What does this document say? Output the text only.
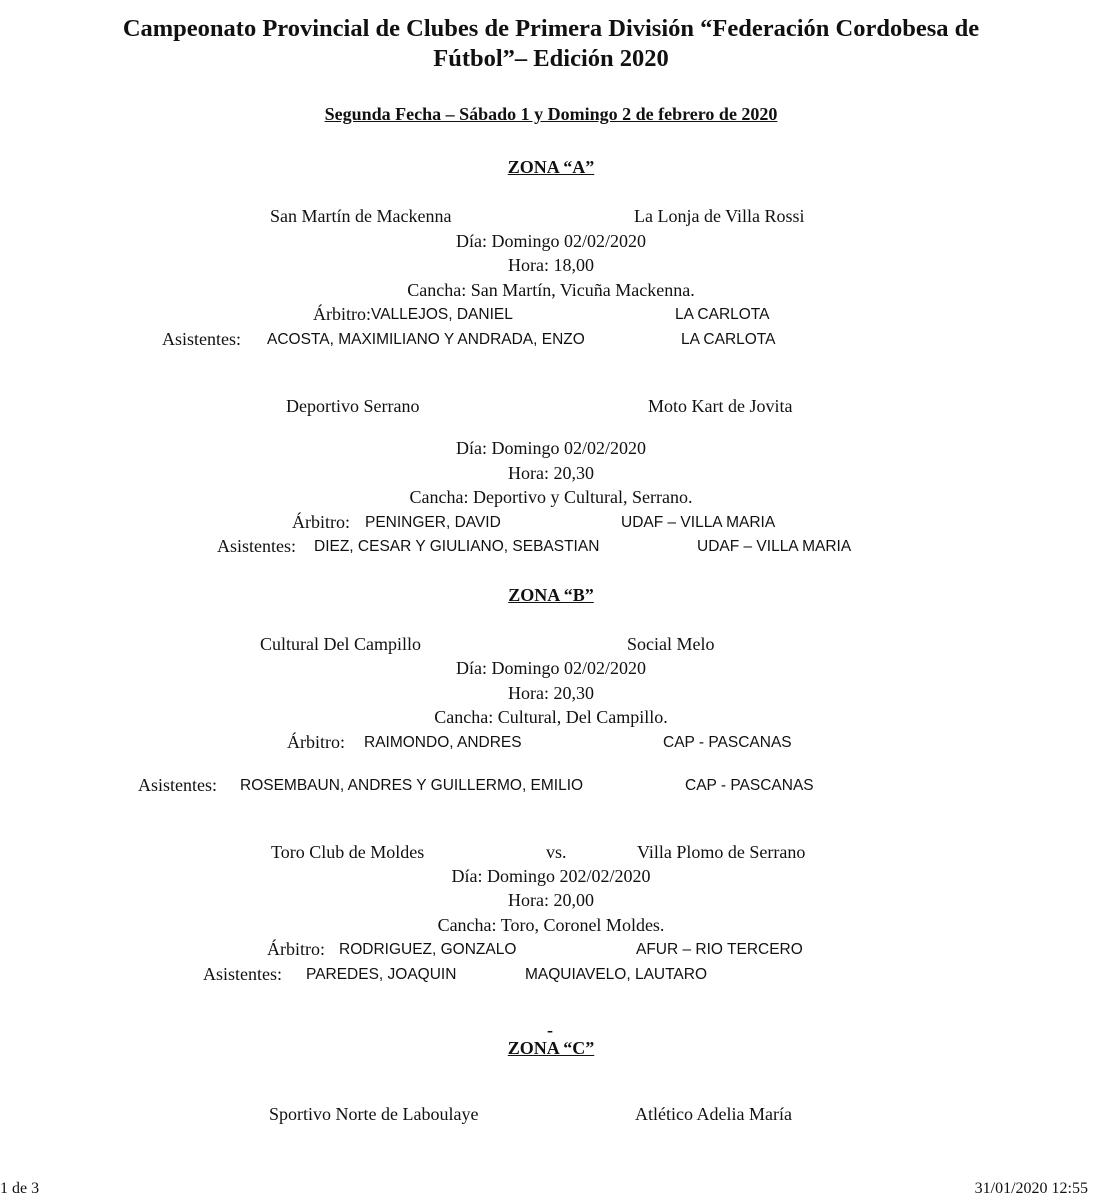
Campeonato Provincial de Clubes de Primera División “Federación Cordobesa de
Fútbol”– Edición 2020
Segunda Fecha – Sábado 1 y Domingo 2 de febrero de 2020
ZONA “A”
San Martín de Mackenna	La Lonja de Villa Rossi
Día: Domingo 02/02/2020
Hora: 18,00
Cancha: San Martín, Vicuña Mackenna.
Árbitro: VALLEJOS, DANIEL	LA CARLOTA
Asistentes: ACOSTA, MAXIMILIANO Y ANDRADA, ENZO	LA CARLOTA
Deportivo Serrano	Moto Kart de Jovita
Día: Domingo 02/02/2020
Hora: 20,30
Cancha: Deportivo y Cultural, Serrano.
Árbitro: PENINGER, DAVID	UDAF – VILLA MARIA
Asistentes: DIEZ, CESAR Y GIULIANO, SEBASTIAN	UDAF – VILLA MARIA
ZONA “B”
Cultural Del Campillo	Social Melo
Día: Domingo 02/02/2020
Hora: 20,30
Cancha: Cultural, Del Campillo.
Árbitro: RAIMONDO, ANDRES	CAP - PASCANAS
Asistentes: ROSEMBAUN, ANDRES Y GUILLERMO, EMILIO	CAP - PASCANAS
Toro Club de Moldes	vs.	Villa Plomo de Serrano
Día: Domingo 202/02/2020
Hora: 20,00
Cancha: Toro, Coronel Moldes.
Árbitro: RODRIGUEZ, GONZALO	AFUR – RIO TERCERO
Asistentes: PAREDES, JOAQUIN	MAQUIAVELO, LAUTARO
-
ZONA “C”
Sportivo Norte de Laboulaye	Atlético Adelia María
1 de 3	31/01/2020 12:55
